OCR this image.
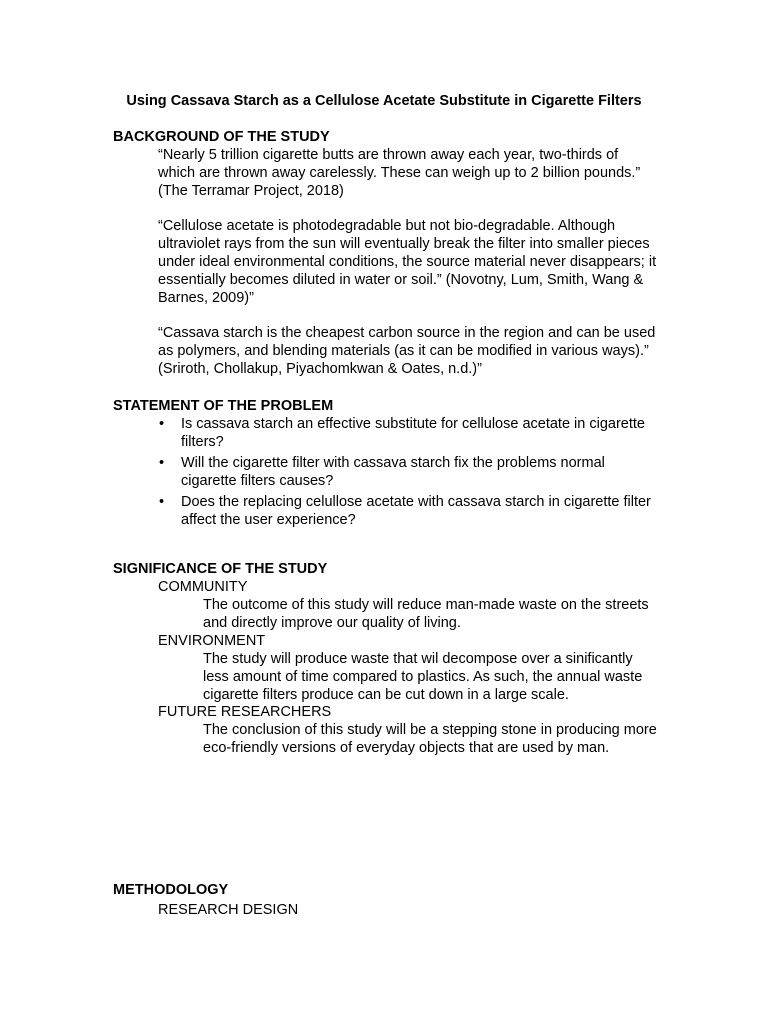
Using Cassava Starch as a Cellulose Acetate Substitute in Cigarette Filters
BACKGROUND OF THE STUDY

“Nearly 5 trillion cigarette butts are thrown away each year, two-thirds of which are thrown away carelessly. These can weigh up to 2 billion pounds.” (The Terramar Project, 2018)

“Cellulose acetate is photodegradable but not bio-degradable. Although ultraviolet rays from the sun will eventually break the filter into smaller pieces under ideal environmental conditions, the source material never disappears; it essentially becomes diluted in water or soil.” (Novotny, Lum, Smith, Wang & Barnes, 2009)”

“Cassava starch is the cheapest carbon source in the region and can be used as polymers, and blending materials (as it can be modified in various ways).” (Sriroth, Chollakup, Piyachomkwan & Oates, n.d.)”

STATEMENT OF THE PROBLEM
• Is cassava starch an effective substitute for cellulose acetate in cigarette filters?
• Will the cigarette filter with cassava starch fix the problems normal cigarette filters causes?
• Does the replacing celullose acetate with cassava starch in cigarette filter affect the user experience?
SIGNIFICANCE OF THE STUDY

COMMUNITY

The outcome of this study will reduce man-made waste on the streets and directly improve our quality of living.

ENVIRONMENT

The study will produce waste that wil decompose over a sinificantly less amount of time compared to plastics. As such, the annual waste cigarette filters produce can be cut down in a large scale.

FUTURE RESEARCHERS

The conclusion of this study will be a stepping stone in producing more eco-friendly versions of everyday objects that are used by man.

METHODOLOGY

RESEARCH DESIGN
